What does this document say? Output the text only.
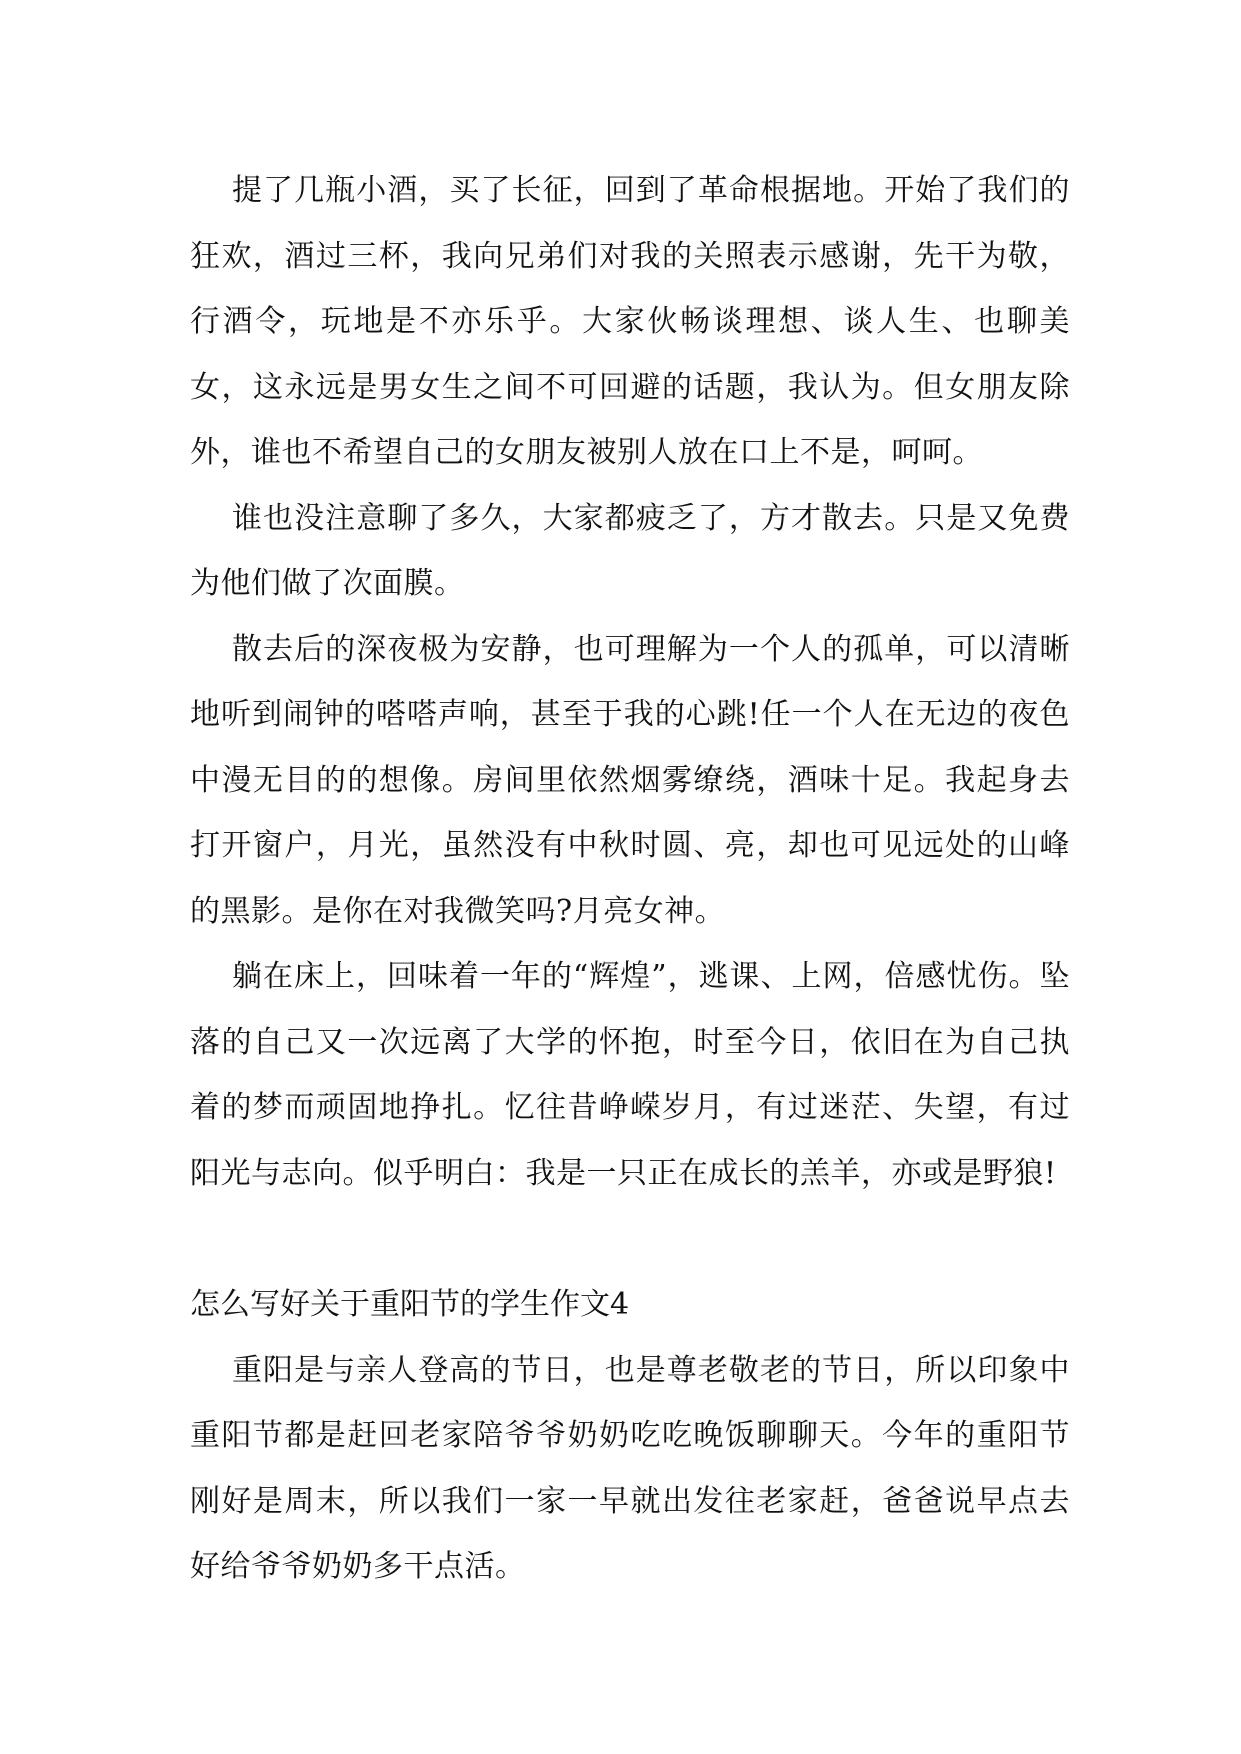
提了几瓶小酒，买了长征，回到了革命根据地。开始了我们的狂欢，酒过三杯，我向兄弟们对我的关照表示感谢，先干为敬，行酒令，玩地是不亦乐乎。大家伙畅谈理想、谈人生、也聊美女，这永远是男女生之间不可回避的话题，我认为。但女朋友除外，谁也不希望自己的女朋友被别人放在口上不是，呵呵。

谁也没注意聊了多久，大家都疲乏了，方才散去。只是又免费为他们做了次面膜。

散去后的深夜极为安静，也可理解为一个人的孤单，可以清晰地听到闹钟的嗒嗒声响，甚至于我的心跳!任一个人在无边的夜色中漫无目的的想像。房间里依然烟雾缭绕，酒味十足。我起身去打开窗户，月光，虽然没有中秋时圆、亮，却也可见远处的山峰的黑影。是你在对我微笑吗?月亮女神。

躺在床上，回味着一年的“辉煌”，逃课、上网，倍感忧伤。坠落的自己又一次远离了大学的怀抱，时至今日，依旧在为自己执着的梦而顽固地挣扎。忆往昔峥嵘岁月，有过迷茫、失望，有过阳光与志向。似乎明白：我是一只正在成长的羔羊，亦或是野狼!

怎么写好关于重阳节的学生作文4

重阳是与亲人登高的节日，也是尊老敬老的节日，所以印象中重阳节都是赶回老家陪爷爷奶奶吃吃晚饭聊聊天。今年的重阳节刚好是周末，所以我们一家一早就出发往老家赶，爸爸说早点去好给爷爷奶奶多干点活。
